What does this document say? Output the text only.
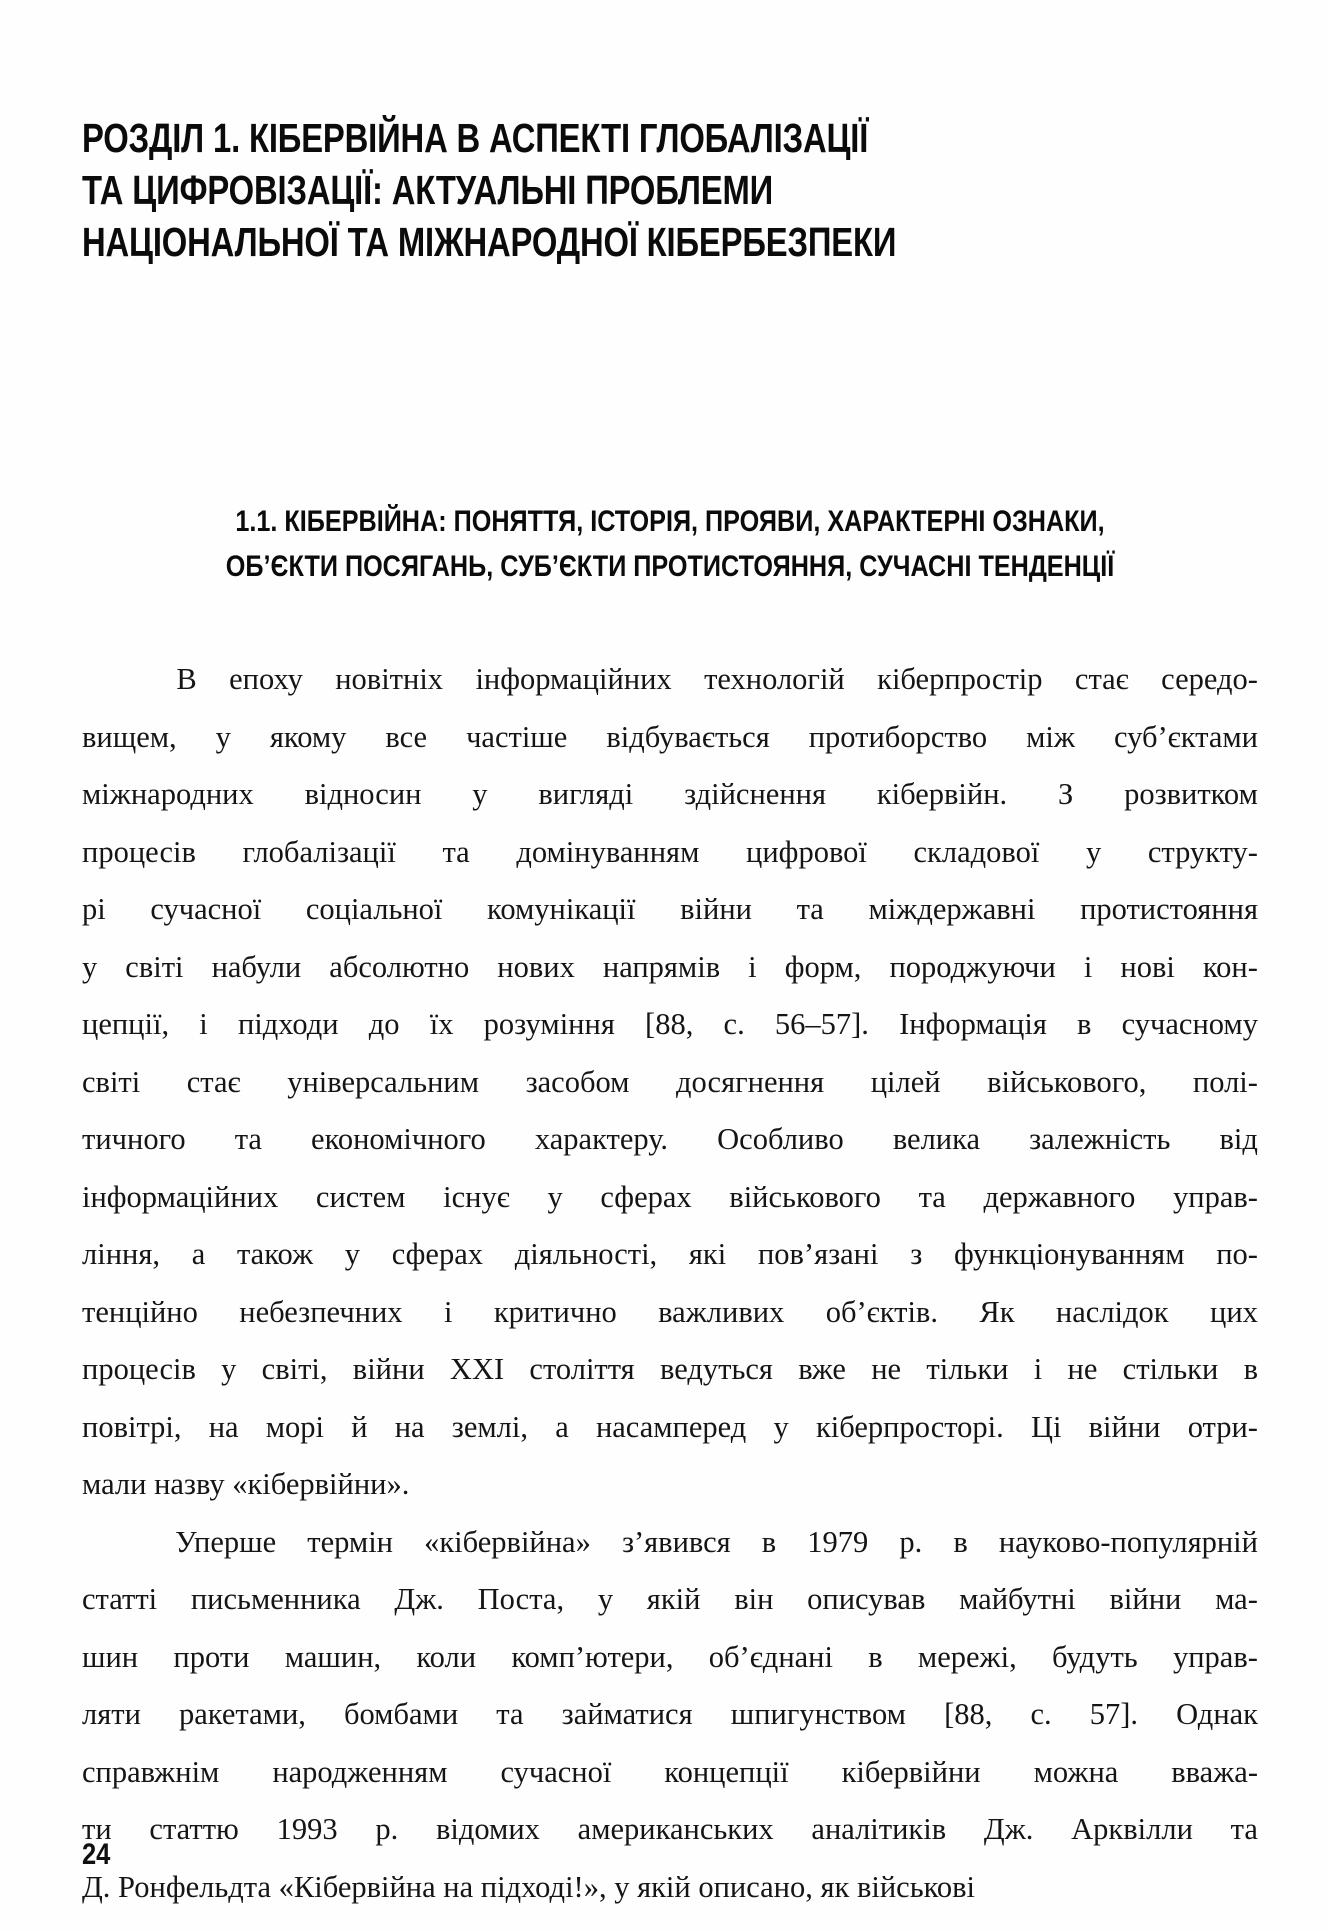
РОЗДІЛ 1. КІБЕРВІЙНА В АСПЕКТІ ГЛОБАЛІЗАЦІЇ
ТА ЦИФРОВІЗАЦІЇ: АКТУАЛЬНІ ПРОБЛЕМИ
НАЦІОНАЛЬНОЇ ТА МІЖНАРОДНОЇ КІБЕРБЕЗПЕКИ
1.1. КІБЕРВІЙНА: ПОНЯТТЯ, ІСТОРІЯ, ПРОЯВИ, ХАРАКТЕРНІ ОЗНАКИ,
ОБ’ЄКТИ ПОСЯГАНЬ, СУБ’ЄКТИ ПРОТИСТОЯННЯ, СУЧАСНІ ТЕНДЕНЦІЇ
В епоху новітніх інформаційних технологій кіберпростір стає середо-
вищем, у якому все частіше відбувається протиборство між суб’єктами
міжнародних відносин у вигляді здійснення кібервійн. З розвитком
процесів глобалізації та домінуванням цифрової складової у структу-
рі сучасної соціальної комунікації війни та міждержавні протистояння
у світі набули абсолютно нових напрямів і форм, породжуючи і нові кон-
цепції, і підходи до їх розуміння [88, с. 56–57]. Інформація в сучасному
світі стає універсальним засобом досягнення цілей військового, полі-
тичного та економічного характеру. Особливо велика залежність від
інформаційних систем існує у сферах військового та державного управ-
ління, а також у сферах діяльності, які пов’язані з функціонуванням по-
тенційно небезпечних і критично важливих об’єктів. Як наслідок цих
процесів у світі, війни XXI століття ведуться вже не тільки і не стільки в
повітрі, на морі й на землі, а насамперед у кіберпросторі. Ці війни отри-
мали назву «кібервійни».
Уперше термін «кібервійна» з’явився в 1979 р. в науково-популярній
статті письменника Дж. Поста, у якій він описував майбутні війни ма-
шин проти машин, коли комп’ютери, об’єднані в мережі, будуть управ-
ляти ракетами, бомбами та займатися шпигунством [88, с. 57]. Однак
справжнім народженням сучасної концепції кібервійни можна вважа-
ти статтю 1993 р. відомих американських аналітиків Дж. Арквілли та
Д. Ронфельдта «Кібервійна на підході!», у якій описано, як військові
24
